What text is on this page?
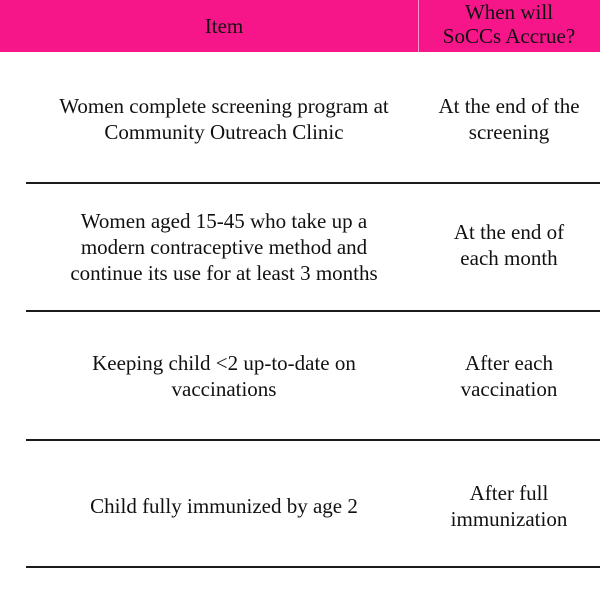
Item
When will
SoCCs Accrue?
Women complete screening program at
Community Outreach Clinic
At the end of the
screening
Women aged 15-45 who take up a
modern contraceptive method and
continue its use for at least 3 months
At the end of
each month
Keeping child <2 up-to-date on
vaccinations
After each
vaccination
Child fully immunized by age 2
After full
immunization
